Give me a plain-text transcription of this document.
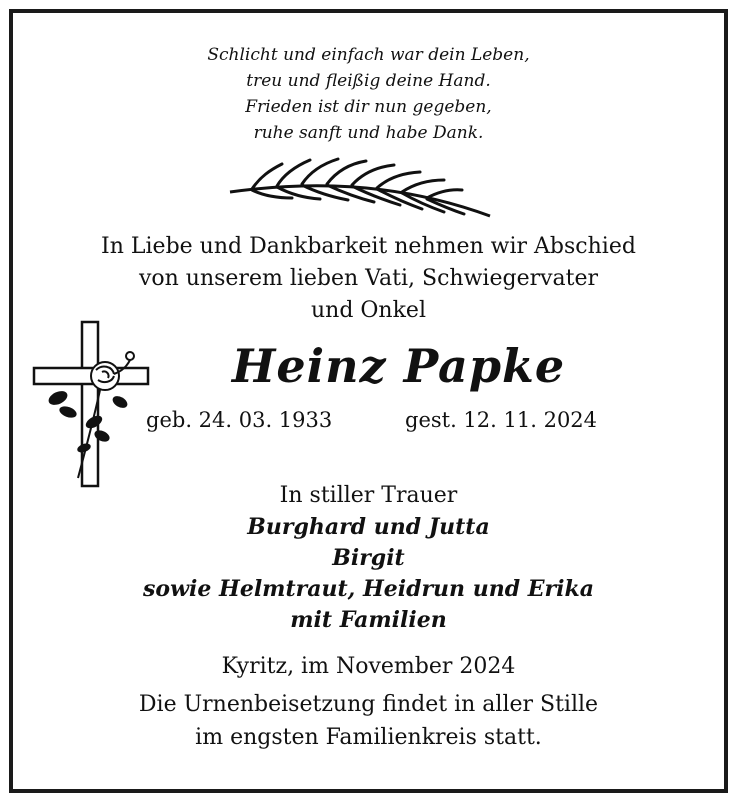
Schlicht und einfach war dein Leben,
treu und fleißig deine Hand.
Frieden ist dir nun gegeben,
ruhe sanft und habe Dank.
In Liebe und Dankbarkeit nehmen wir Abschied
von unserem lieben Vati, Schwiegervater
und Onkel
Heinz Papke
geb. 24. 03. 1933	gest. 12. 11. 2024
In stiller Trauer
Burghard und Jutta
Birgit
sowie Helmtraut, Heidrun und Erika
mit Familien
Kyritz, im November 2024
Die Urnenbeisetzung findet in aller Stille
im engsten Familienkreis statt.
